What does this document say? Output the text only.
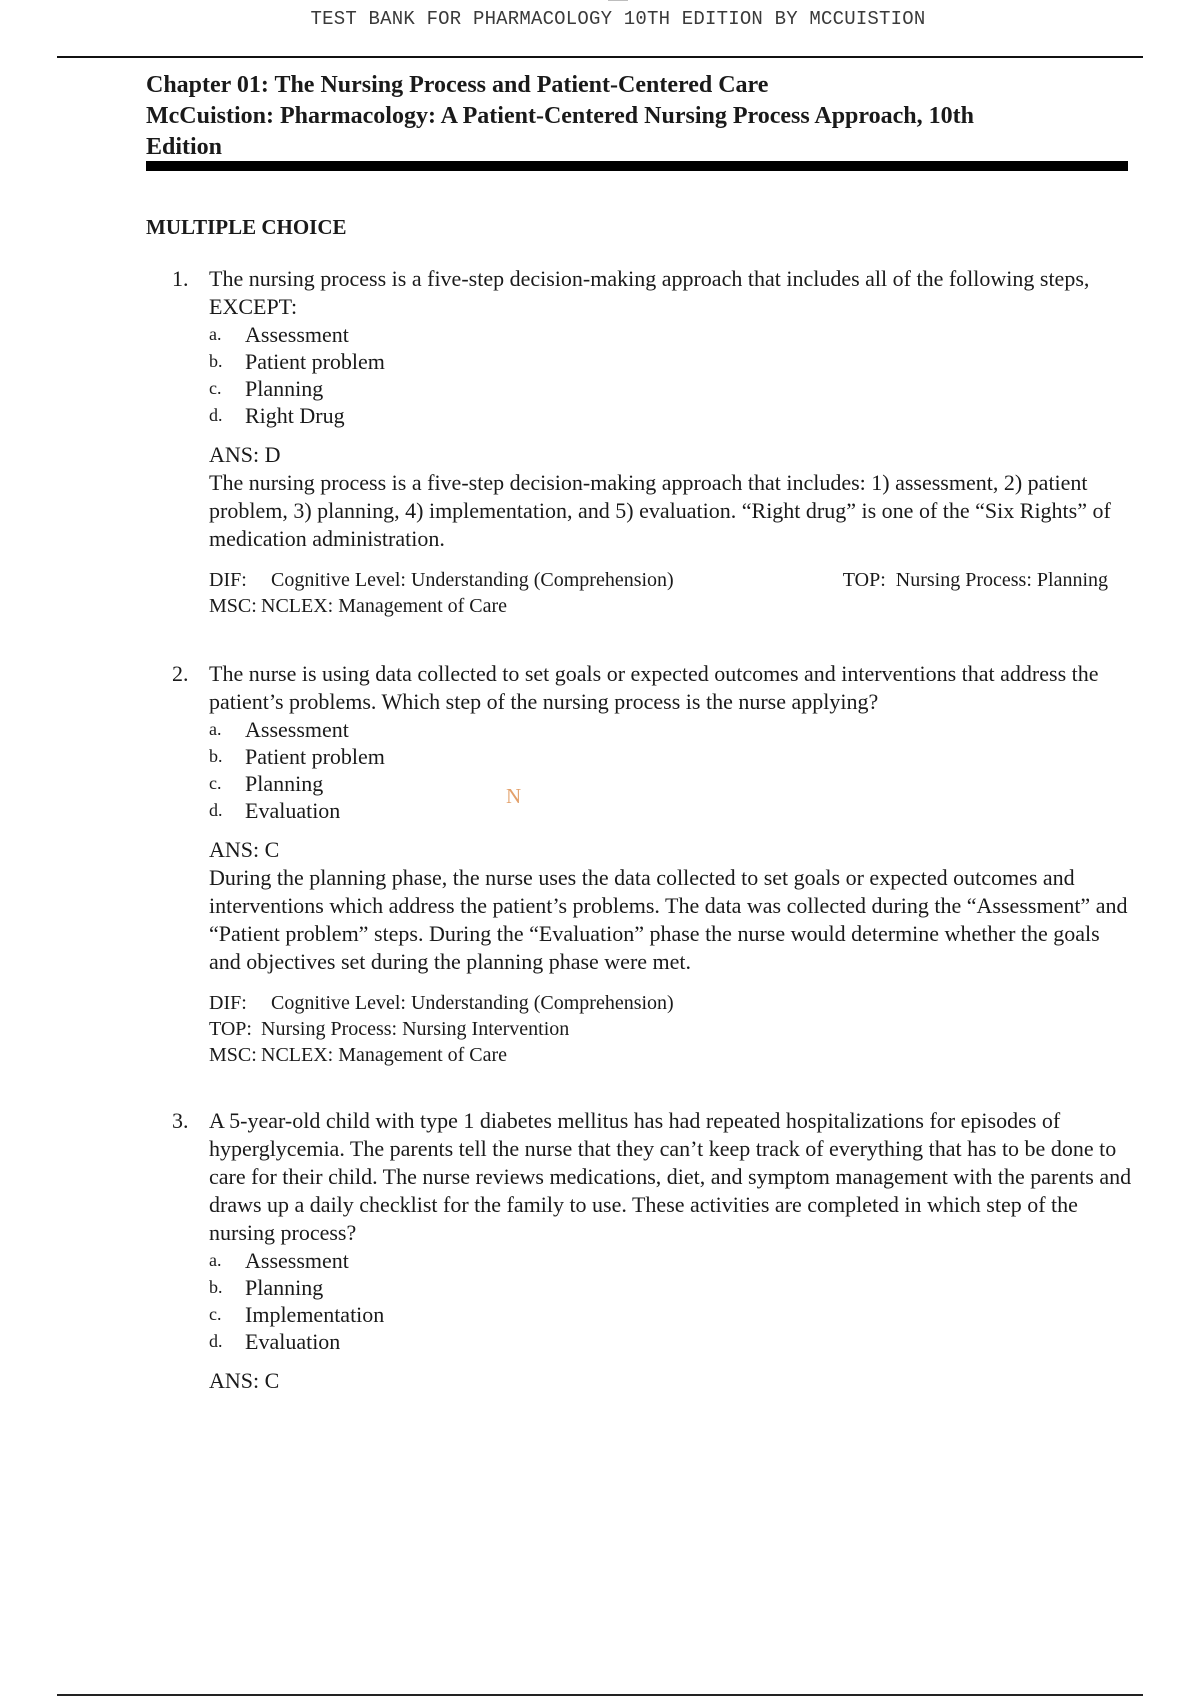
TEST BANK FOR PHARMACOLOGY 10TH EDITION BY MCCUISTION
Chapter 01: The Nursing Process and Patient-Centered Care
McCuistion: Pharmacology: A Patient-Centered Nursing Process Approach, 10th
Edition
MULTIPLE CHOICE
1. The nursing process is a five-step decision-making approach that includes all of the following steps, EXCEPT:
a.	Assessment
b.	Patient problem
c.	Planning
d.	Right Drug
ANS: D
The nursing process is a five-step decision-making approach that includes: 1) assessment, 2) patient problem, 3) planning, 4) implementation, and 5) evaluation. “Right drug” is one of the “Six Rights” of medication administration.
DIF:	Cognitive Level: Understanding (Comprehension)	TOP: Nursing Process: Planning
MSC: NCLEX: Management of Care
2. The nurse is using data collected to set goals or expected outcomes and interventions that address the patient’s problems. Which step of the nursing process is the nurse applying?
a.	Assessment
b.	Patient problem
c.	Planning
d.	Evaluation
ANS: C
During the planning phase, the nurse uses the data collected to set goals or expected outcomes and interventions which address the patient’s problems. The data was collected during the “Assessment” and “Patient problem” steps. During the “Evaluation” phase the nurse would determine whether the goals and objectives set during the planning phase were met.
DIF:	Cognitive Level: Understanding (Comprehension)
TOP: Nursing Process: Nursing Intervention
MSC: NCLEX: Management of Care
N
3. A 5-year-old child with type 1 diabetes mellitus has had repeated hospitalizations for episodes of hyperglycemia. The parents tell the nurse that they can’t keep track of everything that has to be done to care for their child. The nurse reviews medications, diet, and symptom management with the parents and draws up a daily checklist for the family to use. These activities are completed in which step of the nursing process?
a.	Assessment
b.	Planning
c.	Implementation
d.	Evaluation
ANS: C
